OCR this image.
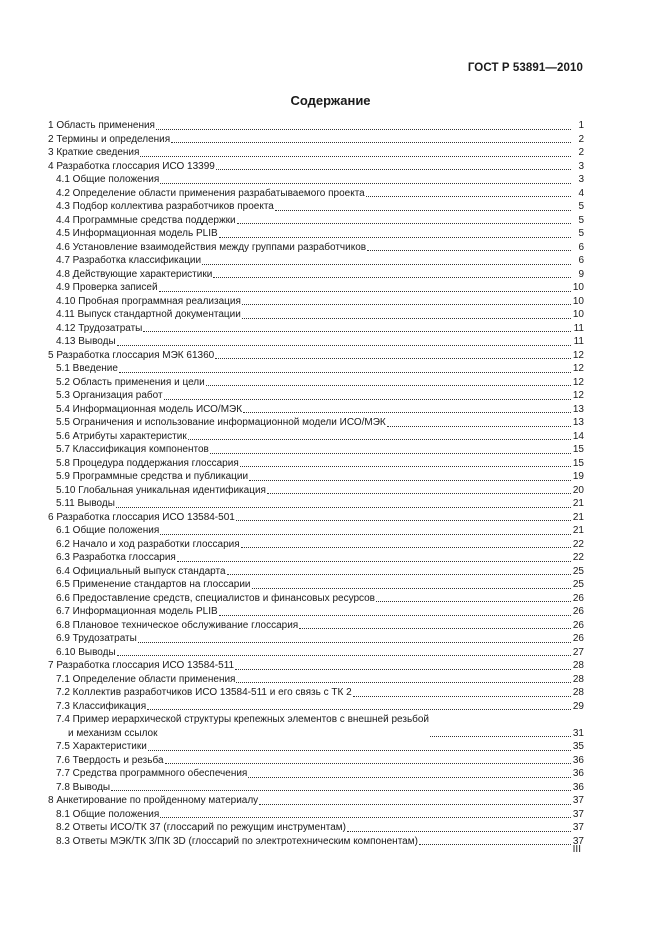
ГОСТ Р 53891—2010
Содержание
1 Область применения	1
2 Термины и определения	2
3 Краткие сведения	2
4 Разработка глоссария ИСО 13399	3
4.1 Общие положения	3
4.2 Определение области применения разрабатываемого проекта	4
4.3 Подбор коллектива разработчиков проекта	5
4.4 Программные средства поддержки	5
4.5 Информационная модель PLIB	5
4.6 Установление взаимодействия между группами разработчиков	6
4.7 Разработка классификации	6
4.8 Действующие характеристики	9
4.9 Проверка записей	10
4.10 Пробная программная реализация	10
4.11 Выпуск стандартной документации	10
4.12 Трудозатраты	11
4.13 Выводы	11
5 Разработка глоссария МЭК 61360	12
5.1 Введение	12
5.2 Область применения и цели	12
5.3 Организация работ	12
5.4 Информационная модель ИСО/МЭК	13
5.5 Ограничения и использование информационной модели ИСО/МЭК	13
5.6 Атрибуты характеристик	14
5.7 Классификация компонентов	15
5.8 Процедура поддержания глоссария	15
5.9 Программные средства и публикации	19
5.10 Глобальная уникальная идентификация	20
5.11 Выводы	21
6 Разработка глоссария ИСО 13584-501	21
6.1 Общие положения	21
6.2 Начало и ход разработки глоссария	22
6.3 Разработка глоссария	22
6.4 Официальный выпуск стандарта	25
6.5 Применение стандартов на глоссарии	25
6.6 Предоставление средств, специалистов и финансовых ресурсов	26
6.7 Информационная модель PLIB	26
6.8 Плановое техническое обслуживание глоссария	26
6.9 Трудозатраты	26
6.10 Выводы	27
7 Разработка глоссария ИСО 13584-511	28
7.1 Определение области применения	28
7.2 Коллектив разработчиков ИСО 13584-511 и его связь с ТК 2	28
7.3 Классификация	29
7.4 Пример иерархической структуры крепежных элементов с внешней резьбой
и механизм ссылок	31
7.5 Характеристики	35
7.6 Твердость и резьба	36
7.7 Средства программного обеспечения	36
7.8 Выводы	36
8 Анкетирование по пройденному материалу	37
8.1 Общие положения	37
8.2 Ответы ИСО/ТК 37 (глоссарий по режущим инструментам)	37
8.3 Ответы МЭК/ТК 3/ПК 3D (глоссарий по электротехническим компонентам)	37
III
